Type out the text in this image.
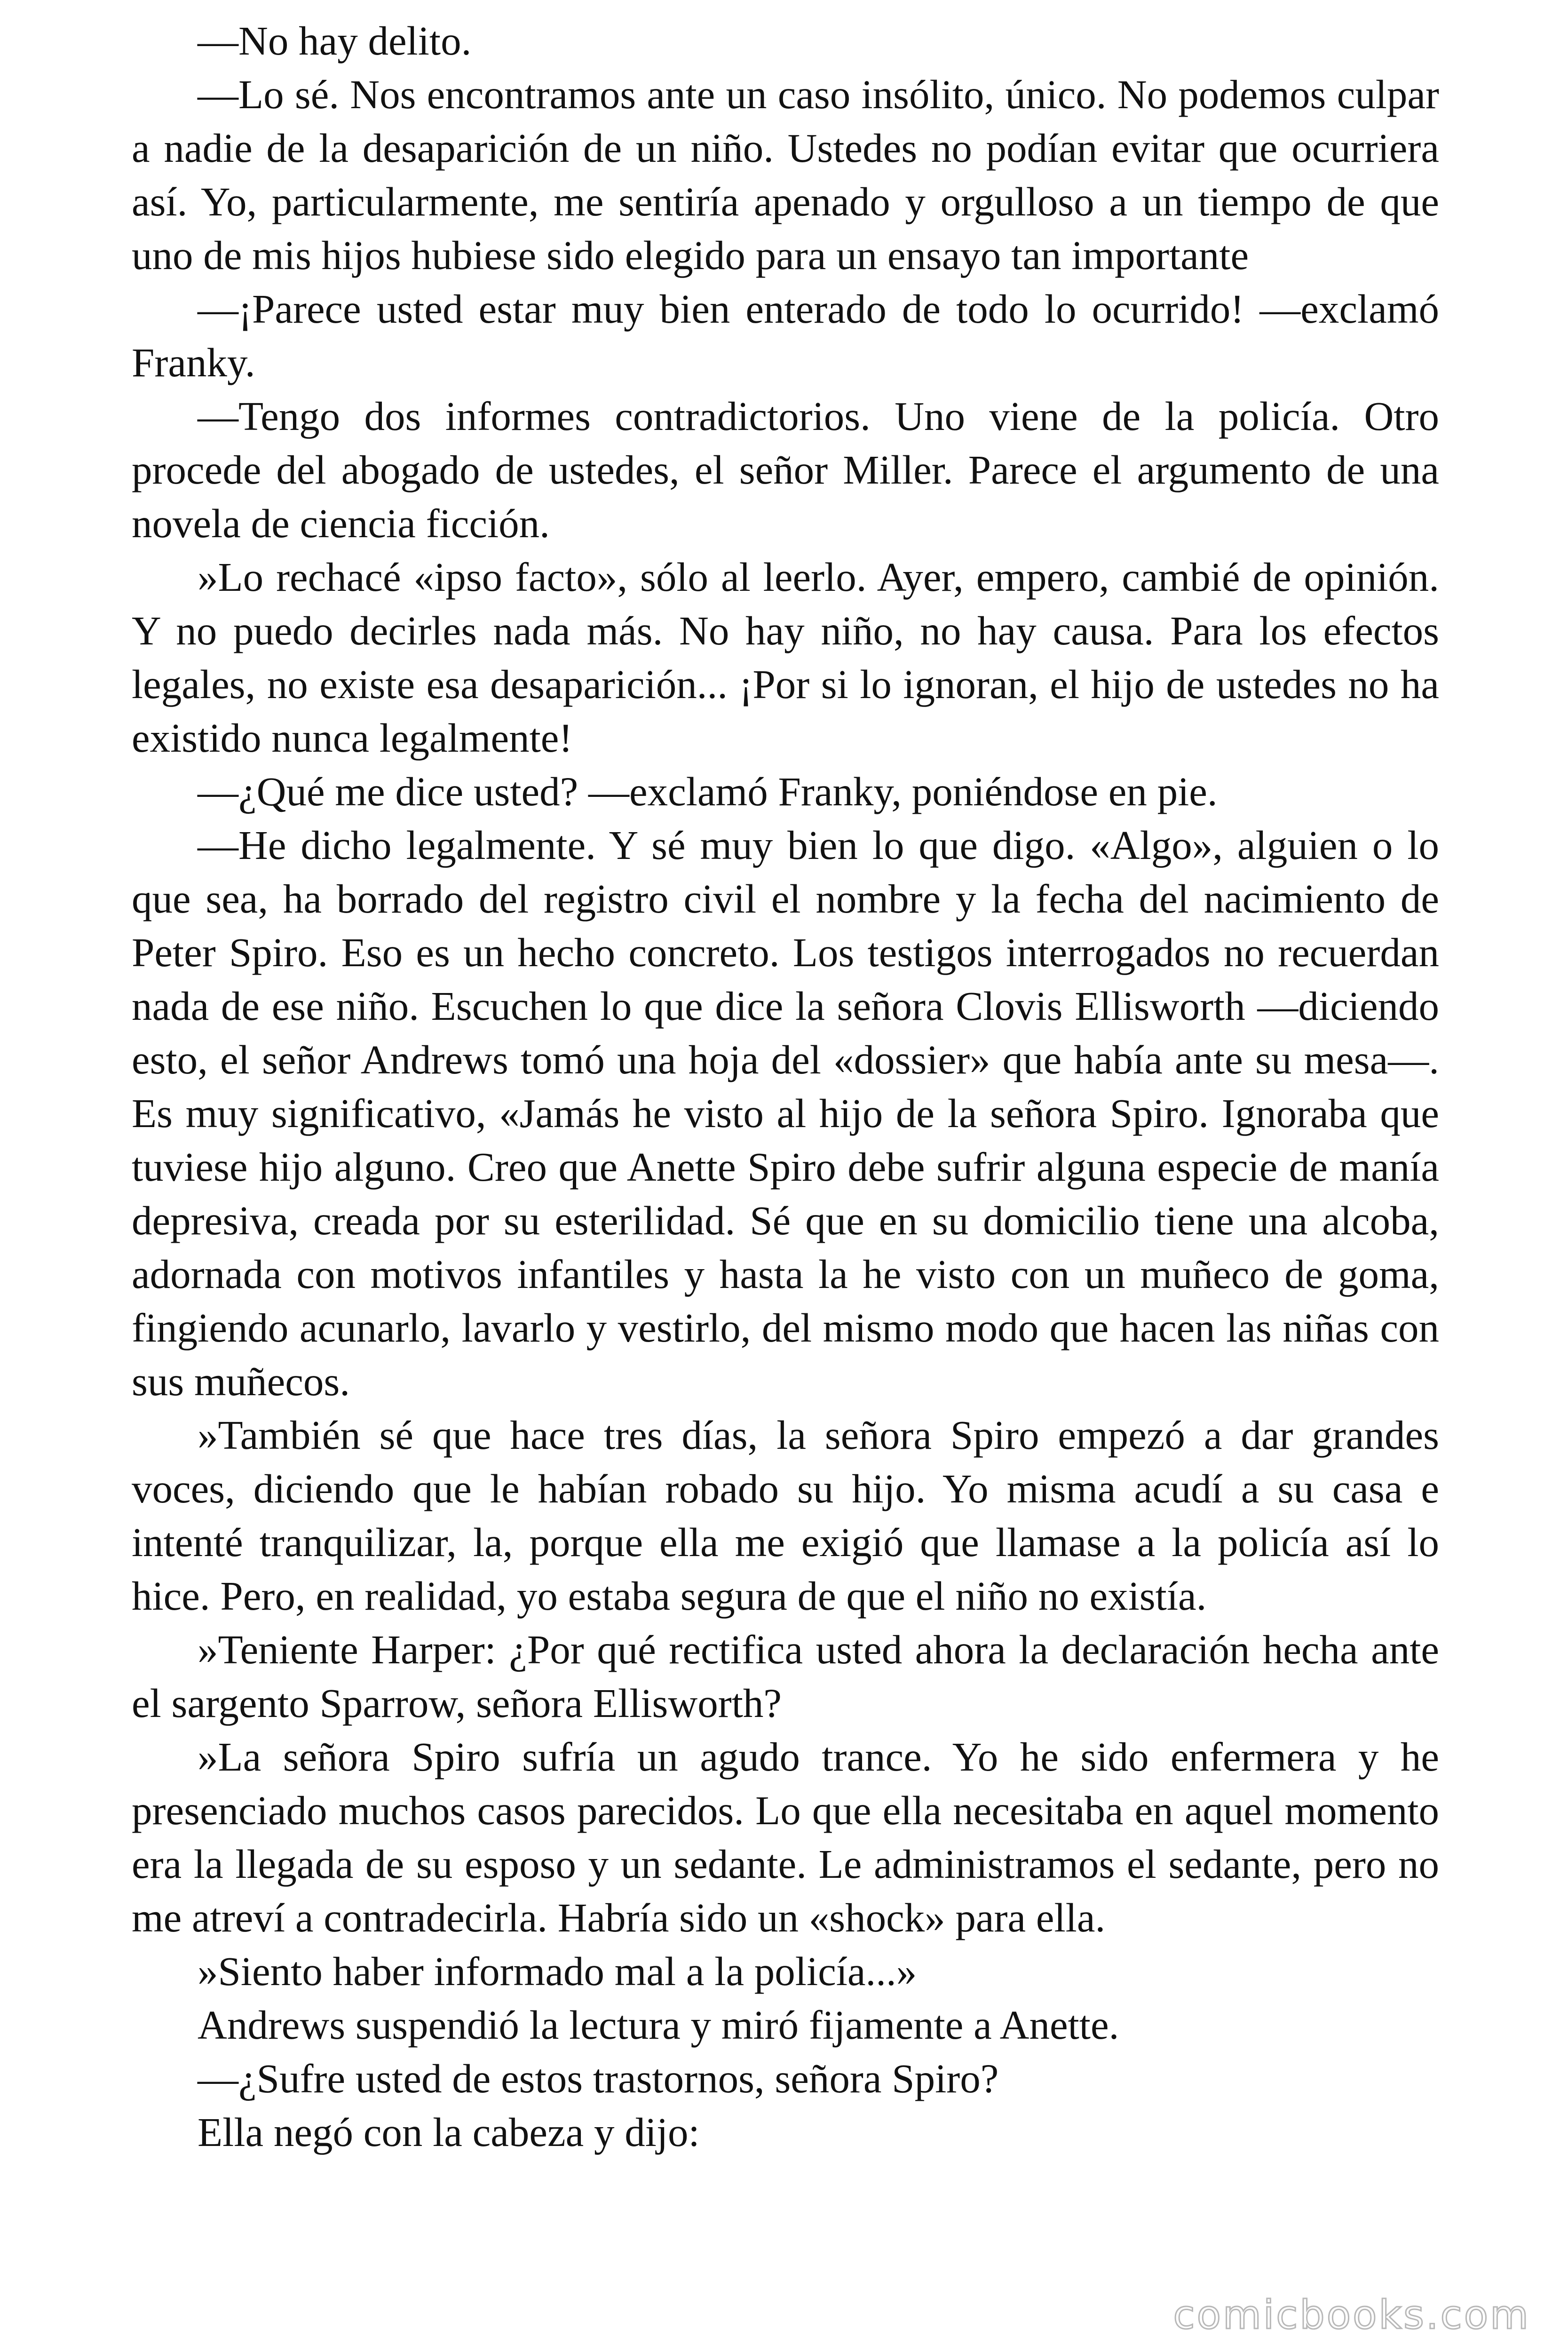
—No hay delito.

—Lo sé. Nos encontramos ante un caso insólito, único. No podemos culpar a nadie de la desaparición de un niño. Ustedes no podían evitar que ocurriera así. Yo, particularmente, me sentiría apenado y orgulloso a un tiempo de que uno de mis hijos hubiese sido elegido para un ensayo tan importante

—¡Parece usted estar muy bien enterado de todo lo ocurrido! —exclamó Franky.

—Tengo dos informes contradictorios. Uno viene de la policía. Otro procede del abogado de ustedes, el señor Miller. Parece el argumento de una novela de ciencia ficción.

»Lo rechacé «ipso facto», sólo al leerlo. Ayer, empero, cambié de opinión. Y no puedo decirles nada más. No hay niño, no hay causa. Para los efectos legales, no existe esa desaparición... ¡Por si lo ignoran, el hijo de ustedes no ha existido nunca legalmente!

—¿Qué me dice usted? —exclamó Franky, poniéndose en pie.

—He dicho legalmente. Y sé muy bien lo que digo. «Algo», alguien o lo que sea, ha borrado del registro civil el nombre y la fecha del nacimiento de Peter Spiro. Eso es un hecho concreto. Los testigos interrogados no recuerdan nada de ese niño. Escuchen lo que dice la señora Clovis Ellisworth —diciendo esto, el señor Andrews tomó una hoja del «dossier» que había ante su mesa—. Es muy significativo, «Jamás he visto al hijo de la señora Spiro. Ignoraba que tuviese hijo alguno. Creo que Anette Spiro debe sufrir alguna especie de manía depresiva, creada por su esterilidad. Sé que en su domicilio tiene una alcoba, adornada con motivos infantiles y hasta la he visto con un muñeco de goma, fingiendo acunarlo, lavarlo y vestirlo, del mismo modo que hacen las niñas con sus muñecos.

»También sé que hace tres días, la señora Spiro empezó a dar grandes voces, diciendo que le habían robado su hijo. Yo misma acudí a su casa e intenté tranquilizar, la, porque ella me exigió que llamase a la policía así lo hice. Pero, en realidad, yo estaba segura de que el niño no existía.

»Teniente Harper: ¿Por qué rectifica usted ahora la declaración hecha ante el sargento Sparrow, señora Ellisworth?

»La señora Spiro sufría un agudo trance. Yo he sido enfermera y he presenciado muchos casos parecidos. Lo que ella necesitaba en aquel momento era la llegada de su esposo y un sedante. Le administramos el sedante, pero no me atreví a contradecirla. Habría sido un «shock» para ella.

»Siento haber informado mal a la policía...»

Andrews suspendió la lectura y miró fijamente a Anette.

—¿Sufre usted de estos trastornos, señora Spiro?

Ella negó con la cabeza y dijo:

comicbooks.com
